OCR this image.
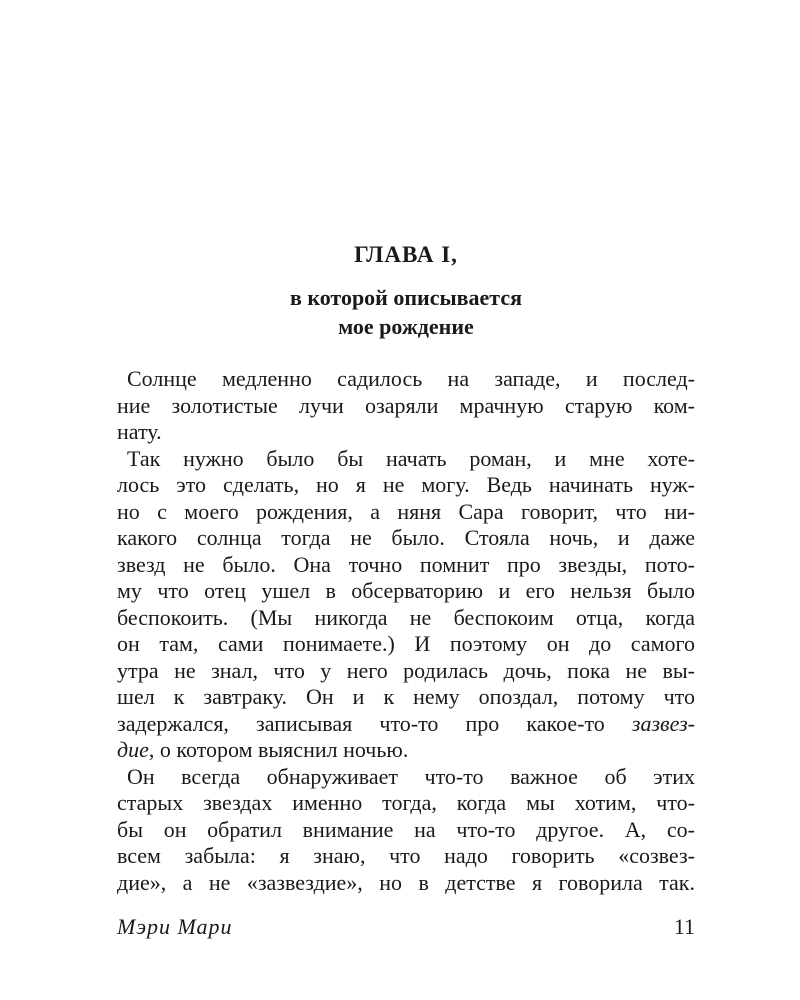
ГЛАВА I,
в которой описывается
мое рождение

Солнце медленно садилось на западе, и послед-
ние золотистые лучи озаряли мрачную старую ком-
нату.

Так нужно было бы начать роман, и мне хоте-
лось это сделать, но я не могу. Ведь начинать нуж-
но с моего рождения, а няня Сара говорит, что ни-
какого солнца тогда не было. Стояла ночь, и даже
звезд не было. Она точно помнит про звезды, пото-
му что отец ушел в обсерваторию и его нельзя было
беспокоить. (Мы никогда не беспокоим отца, когда
он там, сами понимаете.) И поэтому он до самого
утра не знал, что у него родилась дочь, пока не вы-
шел к завтраку. Он и к нему опоздал, потому что
задержался, записывая что-то про какое-то зазвез-
дие, о котором выяснил ночью.

Он всегда обнаруживает что-то важное об этих
старых звездах именно тогда, когда мы хотим, что-
бы он обратил внимание на что-то другое. А, со-
всем забыла: я знаю, что надо говорить «созвез-
дие», а не «зазвездие», но в детстве я говорила так.

Мэри Мари	11
